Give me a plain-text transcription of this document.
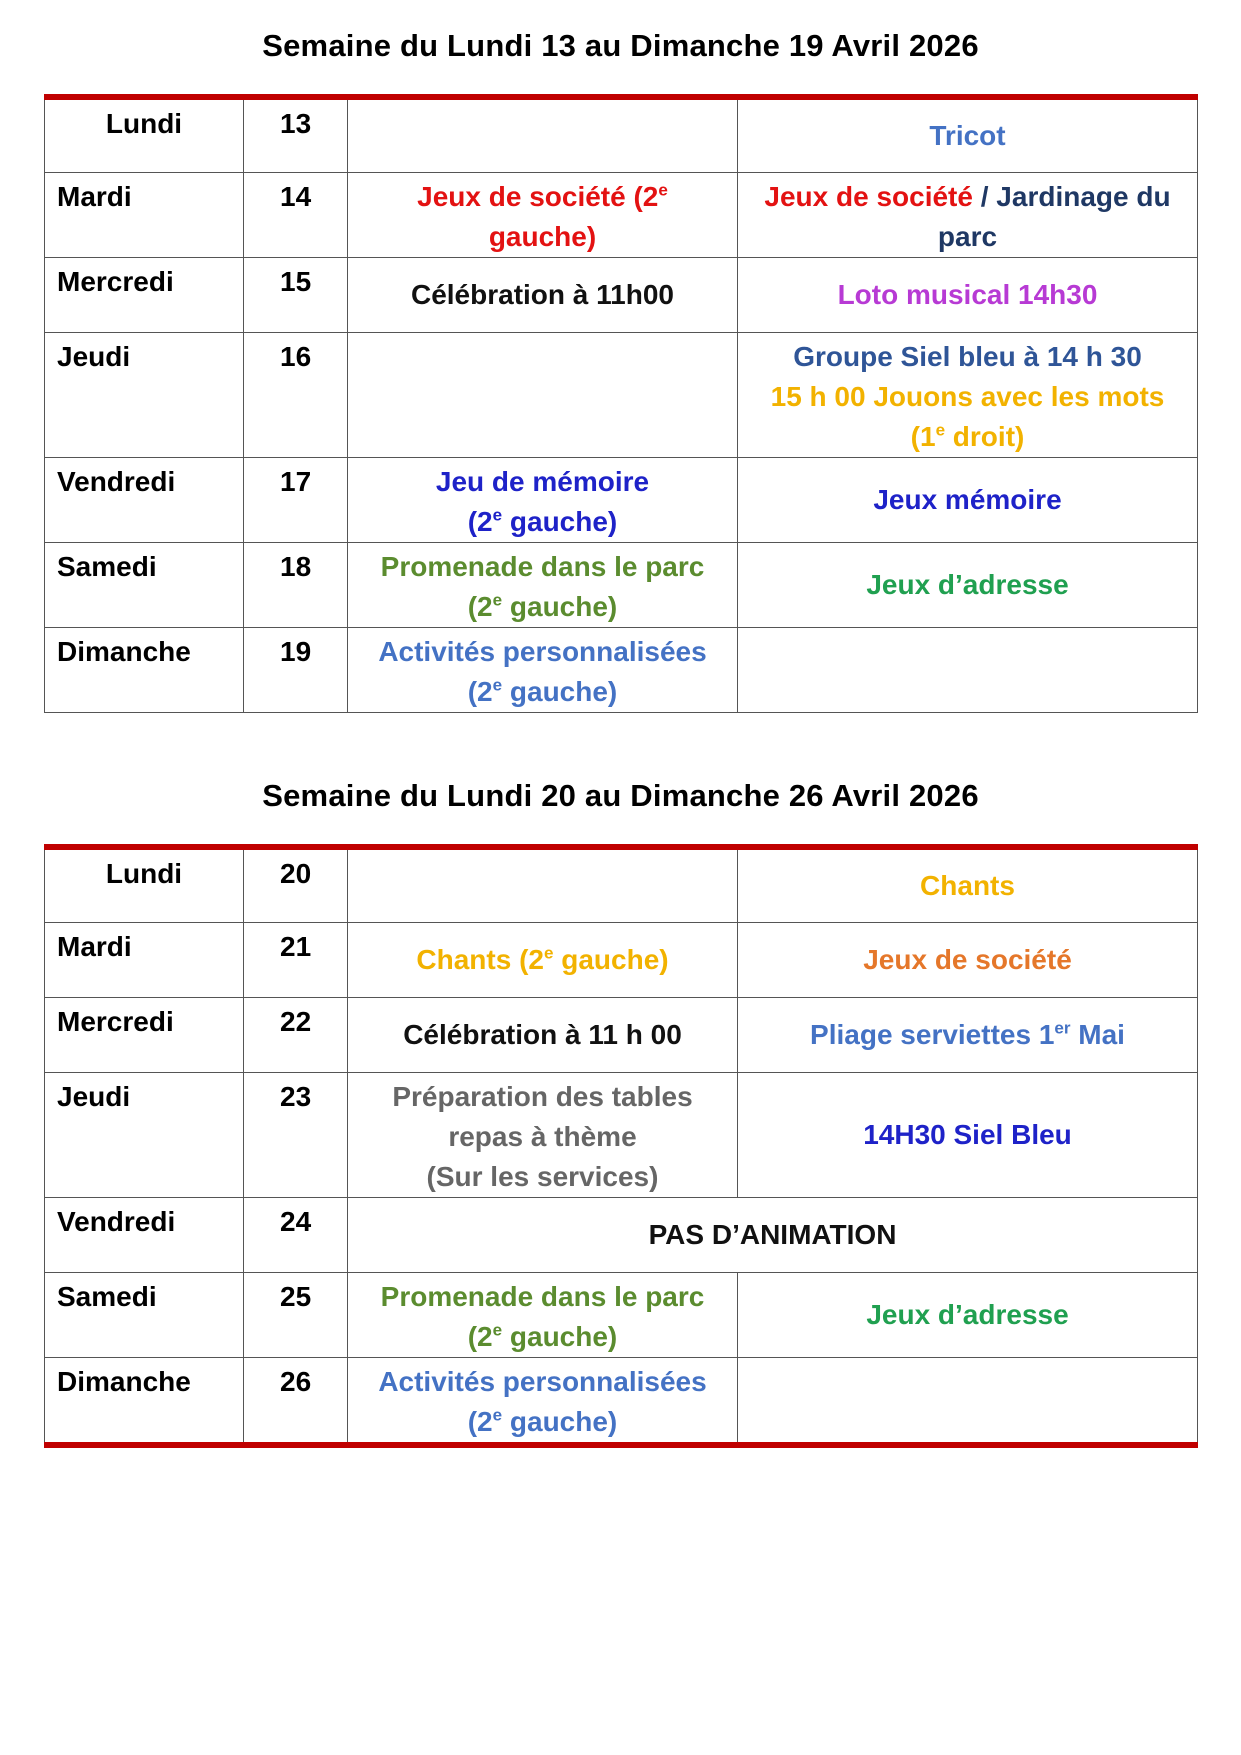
Semaine du Lundi 13 au Dimanche 19 Avril 2026
Lundi	13		Tricot

Mardi	14	Jeux de société (2e
gauche)	Jeux de société / Jardinage du
parc

Mercredi	15	Célébration à 11h00	Loto musical 14h30

Jeudi	16		Groupe Siel bleu à 14 h 30
15 h 00 Jouons avec les mots
(1e droit)

Vendredi	17	Jeu de mémoire
(2e gauche)	Jeux mémoire

Samedi	18	Promenade dans le parc
(2e gauche)	Jeux d’adresse

Dimanche	19	Activités personnalisées
(2e gauche)	

Semaine du Lundi 20 au Dimanche 26 Avril 2026
Lundi	20		Chants

Mardi	21	Chants (2e gauche)	Jeux de société

Mercredi	22	Célébration à 11 h 00	Pliage serviettes 1er Mai

Jeudi	23	Préparation des tables
repas à thème
(Sur les services)	14H30 Siel Bleu

Vendredi	24	PAS D’ANIMATION	
Samedi	25	Promenade dans le parc
(2e gauche)	Jeux d’adresse

Dimanche	26	Activités personnalisées
(2e gauche)	
